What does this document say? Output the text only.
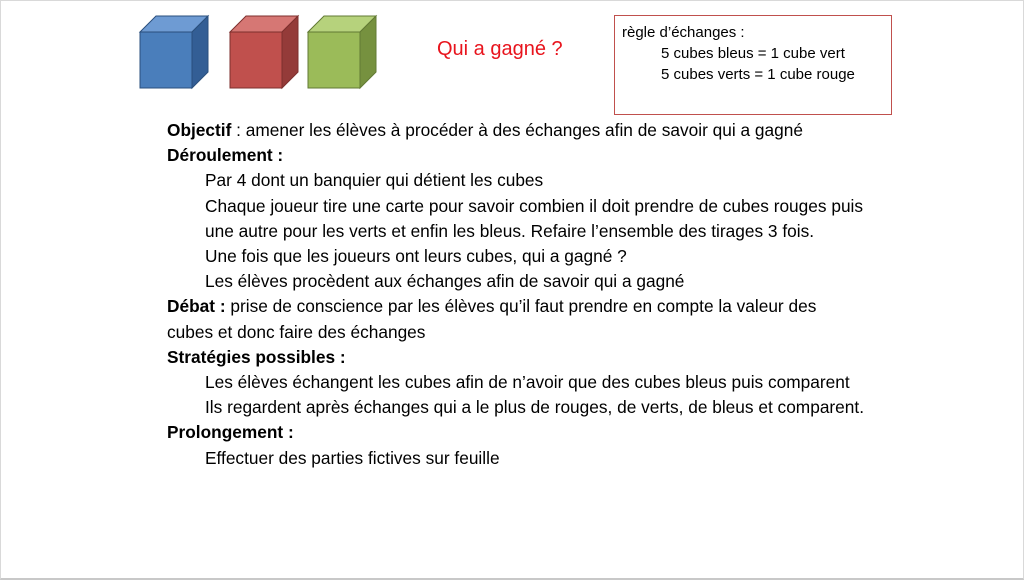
Qui a gagné ?
règle d’échanges :
5 cubes bleus = 1 cube vert
5 cubes verts = 1 cube rouge

Objectif : amener les élèves à procéder à des échanges afin de savoir qui a gagné

Déroulement :

Par 4 dont un banquier qui détient les cubes

Chaque joueur tire une carte pour savoir combien il doit prendre de cubes rouges puis une autre pour les verts et enfin les bleus. Refaire l’ensemble des tirages 3 fois.

Une fois que les joueurs ont leurs cubes, qui a gagné ?

Les élèves procèdent aux échanges afin de savoir qui a gagné

Débat : prise de conscience par les élèves qu’il faut prendre en compte la valeur des cubes et donc faire des échanges

Stratégies possibles :

Les élèves échangent les cubes afin de n’avoir que des cubes bleus puis comparent

Ils regardent après échanges qui a le plus de rouges, de verts, de bleus et comparent.

Prolongement :

Effectuer des parties fictives sur feuille
